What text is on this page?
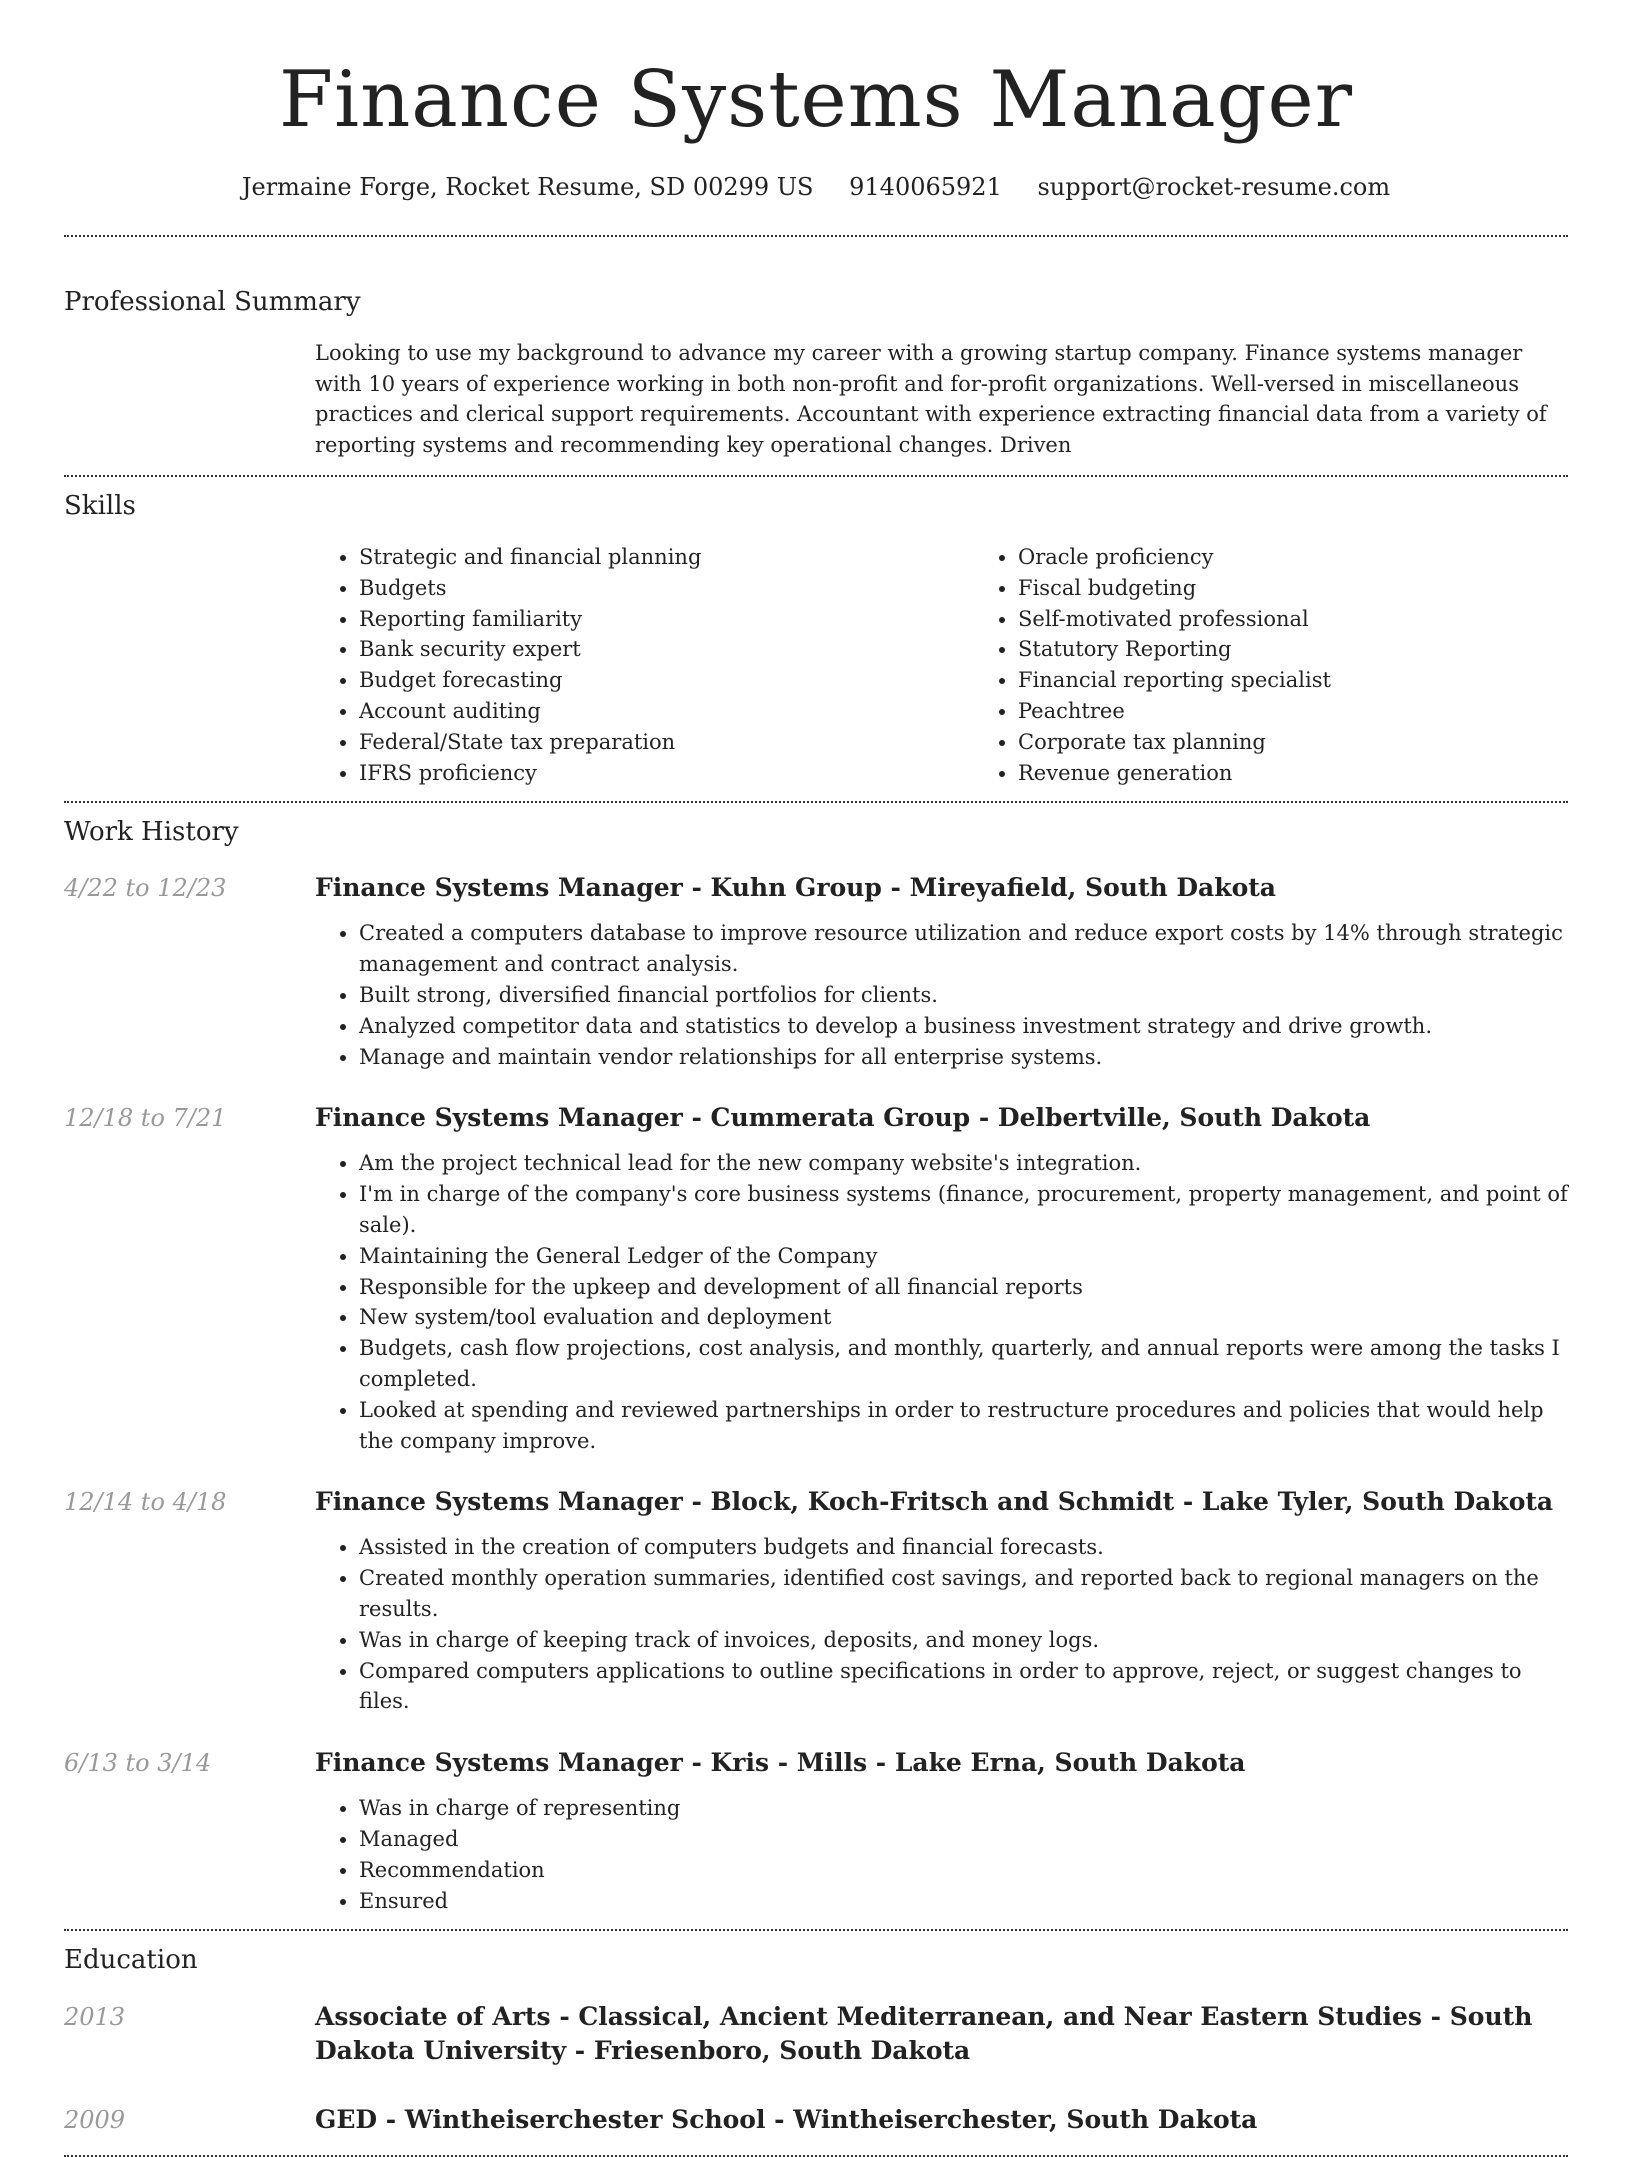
Finance Systems Manager
Jermaine Forge, Rocket Resume, SD 00299 US 9140065921 support@rocket-resume.com
Professional Summary

Looking to use my background to advance my career with a growing startup company. Finance systems manager with 10 years of experience working in both non-profit and for-profit organizations. Well-versed in miscellaneous practices and clerical support requirements. Accountant with experience extracting financial data from a variety of reporting systems and recommending key operational changes. Driven

Skills
• Strategic and financial planning
• Budgets
• Reporting familiarity
• Bank security expert
• Budget forecasting
• Account auditing
• Federal/State tax preparation
• IFRS proficiency
• Oracle proficiency
• Fiscal budgeting
• Self-motivated professional
• Statutory Reporting
• Financial reporting specialist
• Peachtree
• Corporate tax planning
• Revenue generation
Work History
4/22 to 12/23	Finance Systems Manager - Kuhn Group - Mireyafield, South Dakota
• Created a computers database to improve resource utilization and reduce export costs by 14% through strategic management and contract analysis.
• Built strong, diversified financial portfolios for clients.
• Analyzed competitor data and statistics to develop a business investment strategy and drive growth.
• Manage and maintain vendor relationships for all enterprise systems.
12/18 to 7/21	Finance Systems Manager - Cummerata Group - Delbertville, South Dakota
• Am the project technical lead for the new company website's integration.
• I'm in charge of the company's core business systems (finance, procurement, property management, and point of sale).
• Maintaining the General Ledger of the Company
• Responsible for the upkeep and development of all financial reports
• New system/tool evaluation and deployment
• Budgets, cash flow projections, cost analysis, and monthly, quarterly, and annual reports were among the tasks I completed.
• Looked at spending and reviewed partnerships in order to restructure procedures and policies that would help the company improve.
12/14 to 4/18	Finance Systems Manager - Block, Koch-Fritsch and Schmidt - Lake Tyler, South Dakota
• Assisted in the creation of computers budgets and financial forecasts.
• Created monthly operation summaries, identified cost savings, and reported back to regional managers on the results.
• Was in charge of keeping track of invoices, deposits, and money logs.
• Compared computers applications to outline specifications in order to approve, reject, or suggest changes to files.
6/13 to 3/14	Finance Systems Manager - Kris - Mills - Lake Erna, South Dakota
• Was in charge of representing
• Managed
• Recommendation
• Ensured
Education
2013	Associate of Arts - Classical, Ancient Mediterranean, and Near Eastern Studies - South Dakota University - Friesenboro, South Dakota
2009	GED - Wintheiserchester School - Wintheiserchester, South Dakota
